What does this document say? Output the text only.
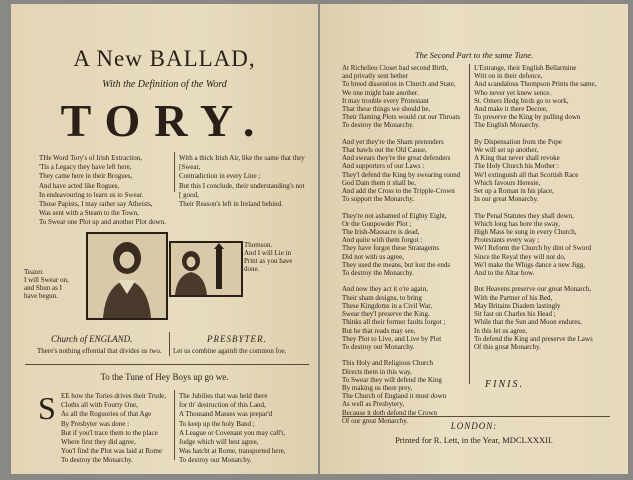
A New BALLAD,
With the Definition of the Word
TORY.
THe Word Tory's of Irish Extraction,
'Tis a Legacy they have left here,
They came here in their Brogues,
And have acted like Rogues,
In endeavouring to learn us to Swear.
Those Papists, I may rather say Atheists,
Was sent with a Steam to the Town,
To Swear one Plot up and another Plot down.
With a thick Irish Air, like the same that they
[Swear,
Contradiction in every Line ;
But this I conclude, their understanding's not
[ good,
Their Reason's left in Ireland behind.
Teazer.
I will Swear on,
and Shun as I
have begun.
Thomson.
And I will Lie in
Print as you have
done.
Church of ENGLAND.
There's nothing effential that divides us two.
PRESBYTER.
Let us combine againft the common foe.
To the Tune of Hey Boys up go we.
S EE how the Tories drives their Trude,
Cloths all with Fourty One,
As all the Roguories of that Age
By Presbyter was done :
But if you'l trace them to the place
Where first they did agree,
You'l find the Plot was laid at Rome
To destroy the Monarchy.
The Jubilies that was held there
for th' destruction of this Land,
A Thousand Masses was prepar'd
To keep up the holy Band ;
A League or Covenant you may call't,
Judge which will best agree,
Was hatcht at Rome, transported here,
To destroy our Monarchy.
The Second Part to the same Tune.
At Richelieu Closet had second Birth,
and privatly sent hether
To breed dissention in Church and State,
We one might hate another.
It may trouble every Protestant
That these things we should be,
Their flaming Plots would cut our Throats
To destroy the Monarchy.

And yet they're the Sham pretenders
That bawls out the Old Cause,
And swears they're the great defenders
And supporters of our Laws :
They'l defend the King by swearing round
God Dam them it shall be,
And add the Cross to the Tripple-Crown
To support the Monarchy.

They're not ashamed of Eighty Eight,
Or the Gunpowder Plot ;
The Irish-Massacre is dead,
And quite with them forgot :
They have forgot these Stratagems
Did not with us agree,
They used the means, but lost the ends
To destroy the Monarchy.

And now they act it o're again,
Their sham designs, to bring
These Kingdoms in a Civil War,
Swear they'l preserve the King.
Thinks all their former faults forgot ;
But he that reads may see,
They Plot to Live, and Live by Plot
To destroy our Monarchy.

This Holy and Religious Church
Directs them in this way,
To Swear they will defend the King
By making us there prey,
The Church of England it must down
As well as Presbytery,
Because it doth defend the Crown
Of our great Monarchy.
L'Estrange, their English Bellarmine
Writ on in their defence,
And scandalous Thompson Prints the same,
Who never yet knew sence.
St. Omers Hedg birds go to work,
And make it there Decree,
To preserve the King by pulling down
The English Monarchy.

By Dispensation from the Pope
We will set up another,
A King that never shall revoke
The Holy Church his Mother :
We'l extinguish all that Scottish Race
Which favours Heresie,
Set up a Roman in his place,
In our great Monarchy.

The Penal Statutes they shall down,
Which long has bore the sway,
High Mass be sung in every Church,
Protestants every way ;
We'l Reform the Church by dint of Sword
Since the Reyal they will not do,
We'l make the Whigs dance a new Jigg,
And to the Altar bow.

But Heavens preserve our great Monarch,
With the Partner of his Bed,
May Britains Diadem lastingly
Sit fast on Charles his Head ;
While that the Sun and Moon endures,
In this let us agree,
To defend the King and preserve the Laws
Of this great Monarchy.
FINIS.
LONDON:
Printed for R. Lett, in the Year, MDCLXXXII.
